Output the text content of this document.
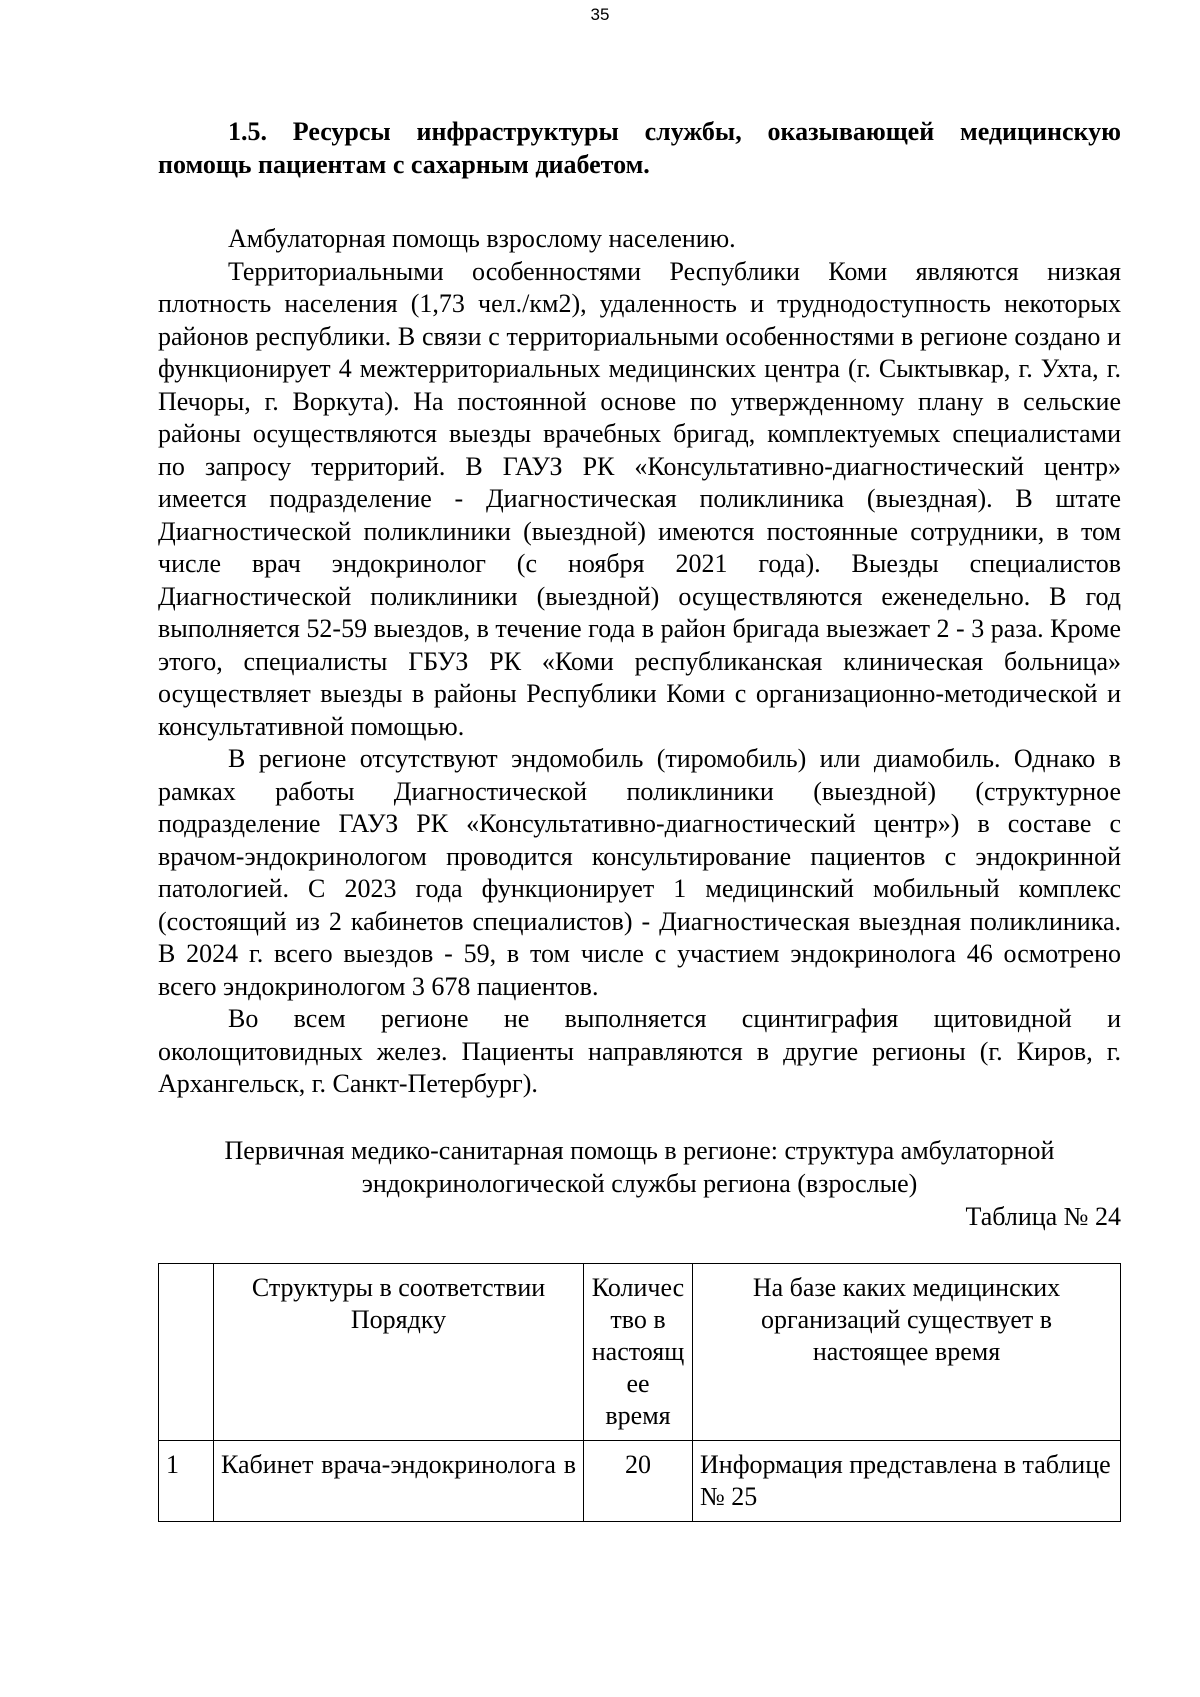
35

1.5. Ресурсы инфраструктуры службы, оказывающей медицинскую помощь пациентам с сахарным диабетом.

Амбулаторная помощь взрослому населению.

Территориальными особенностями Республики Коми являются низкая плотность населения (1,73 чел./км2), удаленность и труднодоступность некоторых районов республики. В связи с территориальными особенностями в регионе создано и функционирует 4 межтерриториальных медицинских центра (г. Сыктывкар, г. Ухта, г. Печоры, г. Воркута). На постоянной основе по утвержденному плану в сельские районы осуществляются выезды врачебных бригад, комплектуемых специалистами по запросу территорий. В ГАУЗ РК «Консультативно-диагностический центр» имеется подразделение - Диагностическая поликлиника (выездная). В штате Диагностической поликлиники (выездной) имеются постоянные сотрудники, в том числе врач эндокринолог (с ноября 2021 года). Выезды специалистов Диагностической поликлиники (выездной) осуществляются еженедельно. В год выполняется 52-59 выездов, в течение года в район бригада выезжает 2 - 3 раза. Кроме этого, специалисты ГБУЗ РК «Коми республиканская клиническая больница» осуществляет выезды в районы Республики Коми с организационно-методической и консультативной помощью.

В регионе отсутствуют эндомобиль (тиромобиль) или диамобиль. Однако в рамках работы Диагностической поликлиники (выездной) (структурное подразделение ГАУЗ РК «Консультативно-диагностический центр») в составе с врачом-эндокринологом проводится консультирование пациентов с эндокринной патологией. С 2023 года функционирует 1 медицинский мобильный комплекс (состоящий из 2 кабинетов специалистов) - Диагностическая выездная поликлиника. В 2024 г. всего выездов - 59, в том числе с участием эндокринолога 46 осмотрено всего эндокринологом 3 678 пациентов.

Во всем регионе не выполняется сцинтиграфия щитовидной и околощитовидных желез. Пациенты направляются в другие регионы (г. Киров, г. Архангельск, г. Санкт-Петербург).

Первичная медико-санитарная помощь в регионе: структура амбулаторной эндокринологической службы региона (взрослые)

Таблица № 24

	Структуры в соответствии Порядку	Количес тво в настоящ ее время	На базе каких медицинских организаций существует в настоящее время
1	Кабинет врача-эндокринолога в	20	Информация представлена в таблице № 25
